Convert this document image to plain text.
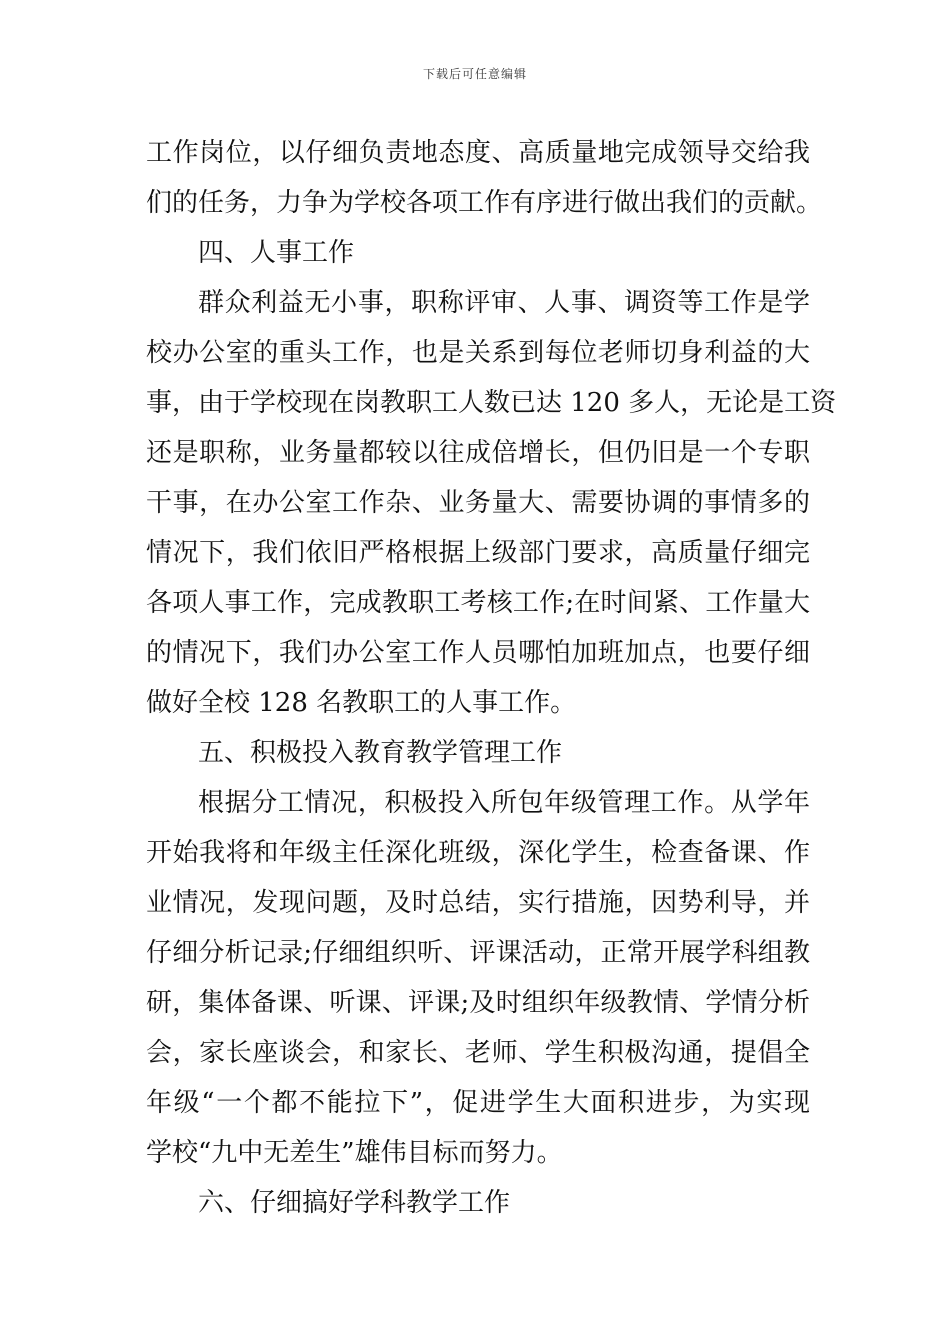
下载后可任意编辑
工作岗位，以仔细负责地态度、高质量地完成领导交给我
们的任务，力争为学校各项工作有序进行做出我们的贡献。
四、人事工作
群众利益无小事，职称评审、人事、调资等工作是学
校办公室的重头工作，也是关系到每位老师切身利益的大
事，由于学校现在岗教职工人数已达 120 多人，无论是工资
还是职称，业务量都较以往成倍增长，但仍旧是一个专职
干事，在办公室工作杂、业务量大、需要协调的事情多的
情况下，我们依旧严格根据上级部门要求，高质量仔细完
各项人事工作，完成教职工考核工作;在时间紧、工作量大
的情况下，我们办公室工作人员哪怕加班加点，也要仔细
做好全校 128 名教职工的人事工作。
五、积极投入教育教学管理工作
根据分工情况，积极投入所包年级管理工作。从学年
开始我将和年级主任深化班级，深化学生，检查备课、作
业情况，发现问题，及时总结，实行措施，因势利导，并
仔细分析记录;仔细组织听、评课活动，正常开展学科组教
研，集体备课、听课、评课;及时组织年级教情、学情分析
会，家长座谈会，和家长、老师、学生积极沟通，提倡全
年级“一个都不能拉下”，促进学生大面积进步，为实现
学校“九中无差生”雄伟目标而努力。
六、仔细搞好学科教学工作
